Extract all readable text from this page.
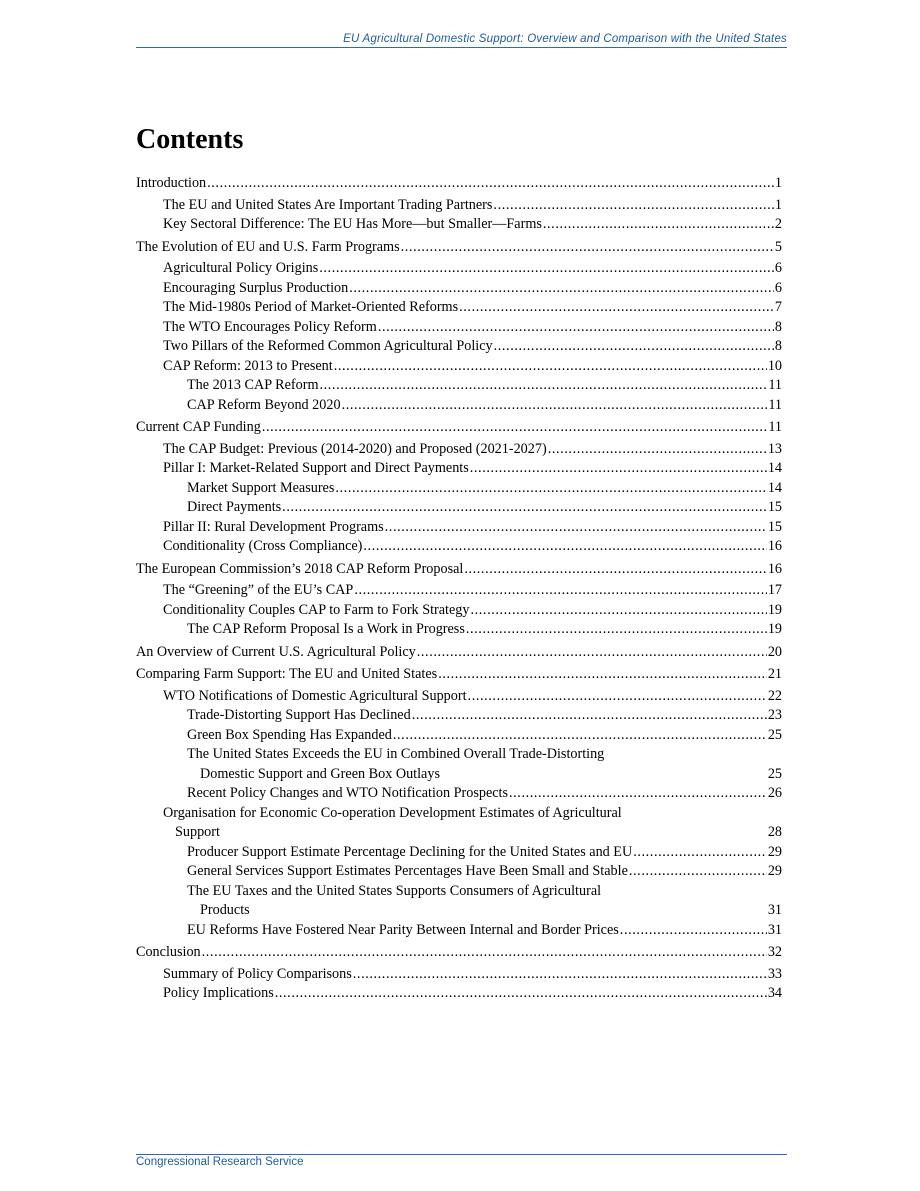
EU Agricultural Domestic Support: Overview and Comparison with the United States
Contents
Introduction .....	1
The EU and United States Are Important Trading Partners .....	1
Key Sectoral Difference: The EU Has More—but Smaller—Farms .....	2
The Evolution of EU and U.S. Farm Programs .....	5
Agricultural Policy Origins .....	6
Encouraging Surplus Production .....	6
The Mid-1980s Period of Market-Oriented Reforms .....	7
The WTO Encourages Policy Reform .....	8
Two Pillars of the Reformed Common Agricultural Policy .....	8
CAP Reform: 2013 to Present .....	10
The 2013 CAP Reform .....	11
CAP Reform Beyond 2020 .....	11
Current CAP Funding .....	11
The CAP Budget: Previous (2014-2020) and Proposed (2021-2027) .....	13
Pillar I: Market-Related Support and Direct Payments .....	14
Market Support Measures .....	14
Direct Payments .....	15
Pillar II: Rural Development Programs .....	15
Conditionality (Cross Compliance) .....	16
The European Commission’s 2018 CAP Reform Proposal .....	16
The “Greening” of the EU’s CAP .....	17
Conditionality Couples CAP to Farm to Fork Strategy .....	19
The CAP Reform Proposal Is a Work in Progress .....	19
An Overview of Current U.S. Agricultural Policy .....	20
Comparing Farm Support: The EU and United States .....	21
WTO Notifications of Domestic Agricultural Support .....	22
Trade-Distorting Support Has Declined .....	23
Green Box Spending Has Expanded .....	25
The United States Exceeds the EU in Combined Overall Trade-Distorting
Domestic Support and Green Box Outlays	25
Recent Policy Changes and WTO Notification Prospects .....	26
Organisation for Economic Co-operation Development Estimates of Agricultural
Support	28
Producer Support Estimate Percentage Declining for the United States and EU .....	29
General Services Support Estimates Percentages Have Been Small and Stable .....	29
The EU Taxes and the United States Supports Consumers of Agricultural
Products	31
EU Reforms Have Fostered Near Parity Between Internal and Border Prices .....	31
Conclusion .....	32
Summary of Policy Comparisons .....	33
Policy Implications .....	34
Congressional Research Service
